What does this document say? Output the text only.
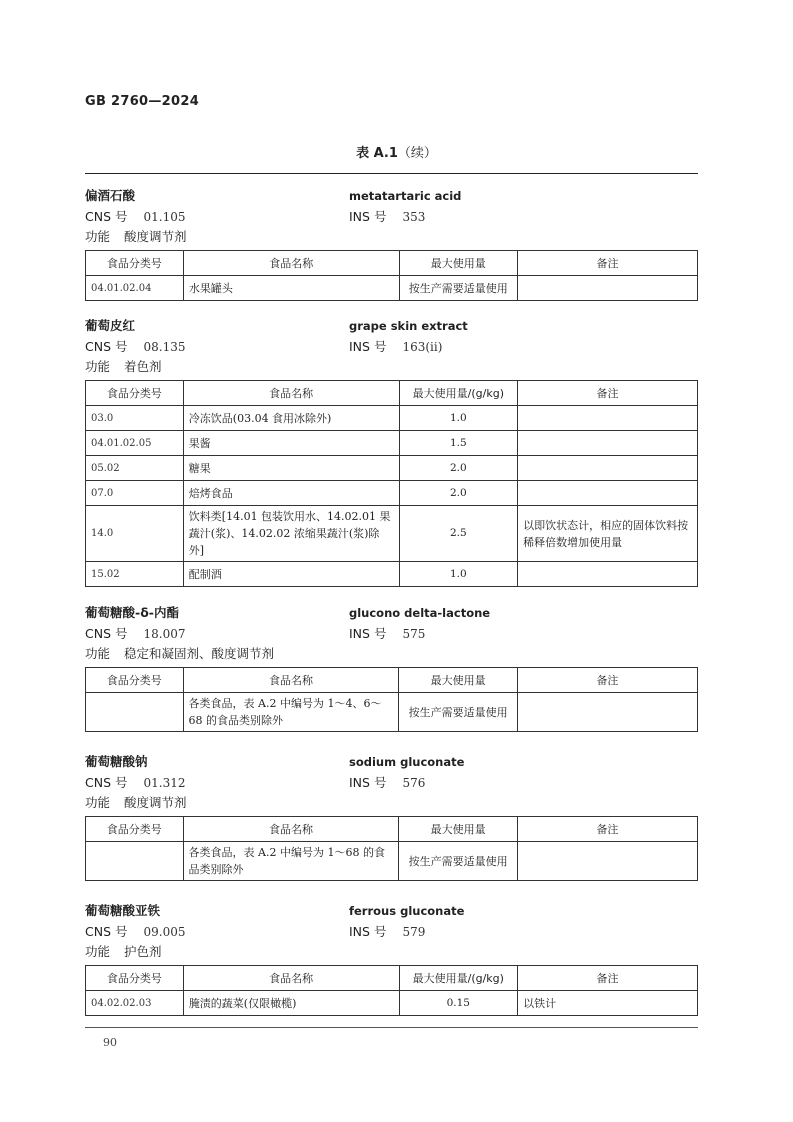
GB 2760—2024
表 A.1（续）
偏酒石酸	metatartaric acid
CNS 号 01.105	INS 号 353
功能 酸度调节剂
食品分类号	食品名称	最大使用量	备注
04.01.02.04	水果罐头	按生产需要适量使用	
葡萄皮红	grape skin extract
CNS 号 08.135	INS 号 163(ii)
功能 着色剂
食品分类号	食品名称	最大使用量/(g/kg)	备注
03.0	冷冻饮品(03.04 食用冰除外)	1.0	
04.01.02.05	果酱	1.5	
05.02	糖果	2.0	
07.0	焙烤食品	2.0	
14.0	饮料类[14.01 包装饮用水、14.02.01 果蔬汁(浆)、14.02.02 浓缩果蔬汁(浆)除外]	2.5	以即饮状态计，相应的固体饮料按稀释倍数增加使用量
15.02	配制酒	1.0	
葡萄糖酸-δ-内酯	glucono delta-lactone
CNS 号 18.007	INS 号 575
功能 稳定和凝固剂、酸度调节剂
食品分类号	食品名称	最大使用量	备注
	各类食品，表 A.2 中编号为 1～4、6～68 的食品类别除外	按生产需要适量使用	
葡萄糖酸钠	sodium gluconate
CNS 号 01.312	INS 号 576
功能 酸度调节剂
食品分类号	食品名称	最大使用量	备注
	各类食品，表 A.2 中编号为 1～68 的食品类别除外	按生产需要适量使用	
葡萄糖酸亚铁	ferrous gluconate
CNS 号 09.005	INS 号 579
功能 护色剂
食品分类号	食品名称	最大使用量/(g/kg)	备注
04.02.02.03	腌渍的蔬菜(仅限橄榄)	0.15	以铁计
90
